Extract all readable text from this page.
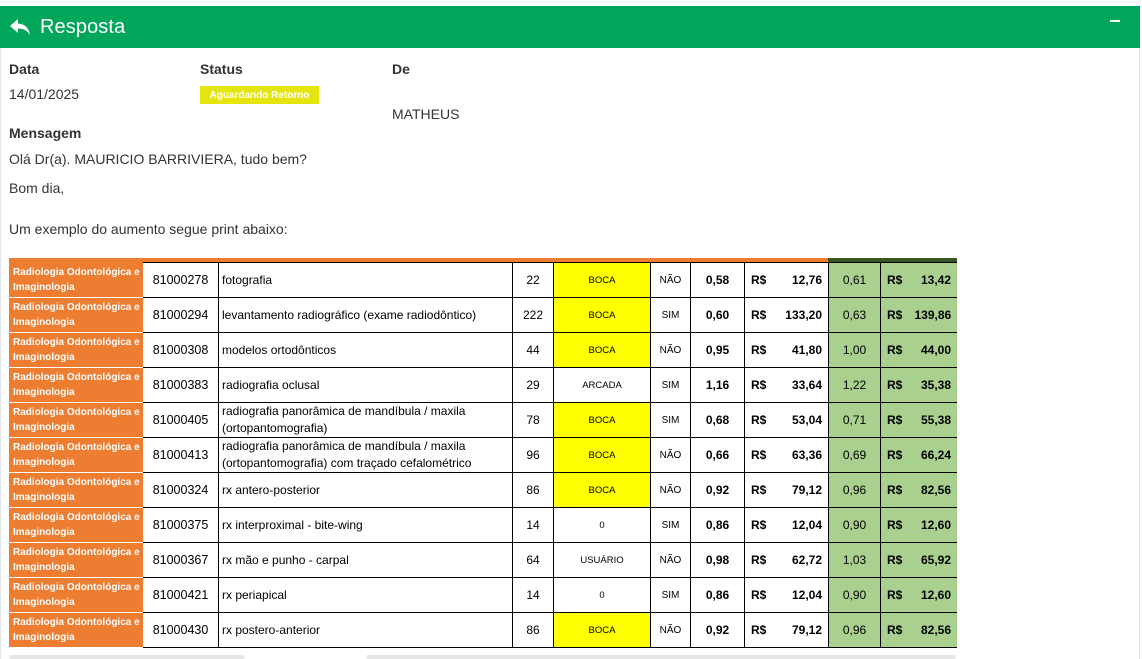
Resposta
Data
14/01/2025
Status
Aguardando Retorno
De
MATHEUS
Mensagem
Olá Dr(a). MAURICIO BARRIVIERA, tudo bem?
Bom dia,
Um exemplo do aumento segue print abaixo:
Radiologia Odontológica e Imaginologia	81000278	fotografia	22	BOCA	NÃO	0,58	R$	12,76	0,61	R$	13,42
Radiologia Odontológica e Imaginologia	81000294	levantamento radiográfico (exame radiodôntico)	222	BOCA	SIM	0,60	R$	133,20	0,63	R$	139,86
Radiologia Odontológica e Imaginologia	81000308	modelos ortodônticos	44	BOCA	NÃO	0,95	R$	41,80	1,00	R$	44,00
Radiologia Odontológica e Imaginologia	81000383	radiografia oclusal	29	ARCADA	SIM	1,16	R$	33,64	1,22	R$	35,38
Radiologia Odontológica e Imaginologia	81000405	radiografia panorâmica de mandíbula / maxila (ortopantomografia)	78	BOCA	SIM	0,68	R$	53,04	0,71	R$	55,38
Radiologia Odontológica e Imaginologia	81000413	radiografia panorâmica de mandíbula / maxila (ortopantomografia) com traçado cefalométrico	96	BOCA	NÃO	0,66	R$	63,36	0,69	R$	66,24
Radiologia Odontológica e Imaginologia	81000324	rx antero-posterior	86	BOCA	NÃO	0,92	R$	79,12	0,96	R$	82,56
Radiologia Odontológica e Imaginologia	81000375	rx interproximal - bite-wing	14	0	SIM	0,86	R$	12,04	0,90	R$	12,60
Radiologia Odontológica e Imaginologia	81000367	rx mão e punho - carpal	64	USUÁRIO	NÃO	0,98	R$	62,72	1,03	R$	65,92
Radiologia Odontológica e Imaginologia	81000421	rx periapical	14	0	SIM	0,86	R$	12,04	0,90	R$	12,60
Radiologia Odontológica e Imaginologia	81000430	rx postero-anterior	86	BOCA	NÃO	0,92	R$	79,12	0,96	R$	82,56
